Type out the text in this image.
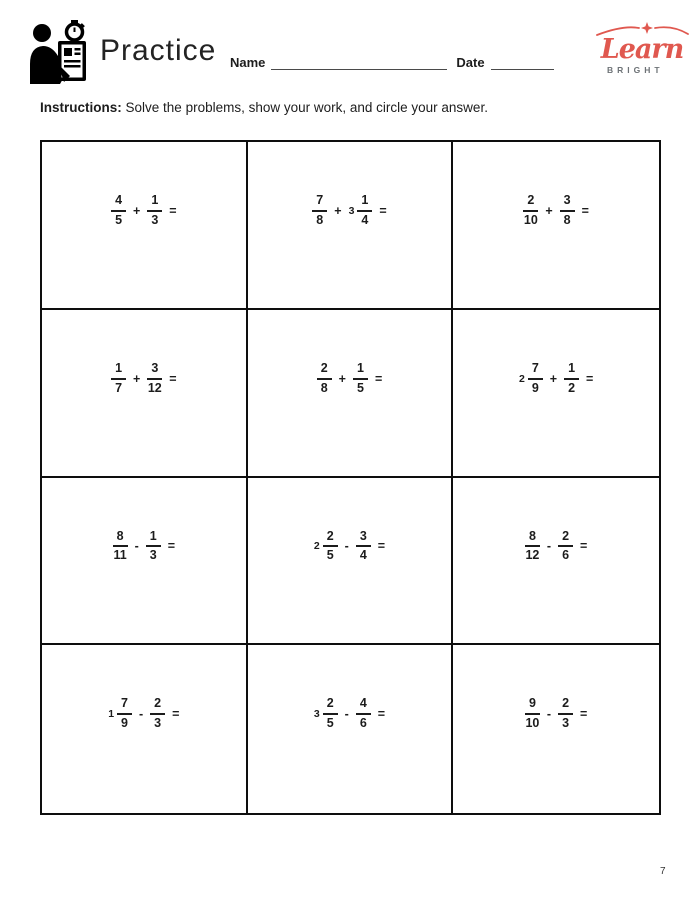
Practice Name	Date	Learn
BRIGHT
Instructions: Solve the problems, show your work, and circle your answer.
$\frac{4}{5} + \frac{1}{3}$ =	$\frac{7}{8} + 3 \frac{1}{4}$ =	$\frac{2}{10} + \frac{3}{8}$ =
$\frac{1}{7} + \frac{3}{12}$ =	$\frac{2}{8} + \frac{1}{5}$ =	$2 \frac{7}{9} + \frac{1}{2}$ =
$\frac{8}{11} - \frac{1}{3}$ =	$2 \frac{2}{5} - \frac{3}{4}$ =	$\frac{8}{12} - \frac{2}{6}$ =
$1 \frac{7}{9} - \frac{2}{3}$ =	$3 \frac{2}{5} - \frac{4}{6}$ =	$\frac{9}{10} - \frac{2}{3}$ =
7
